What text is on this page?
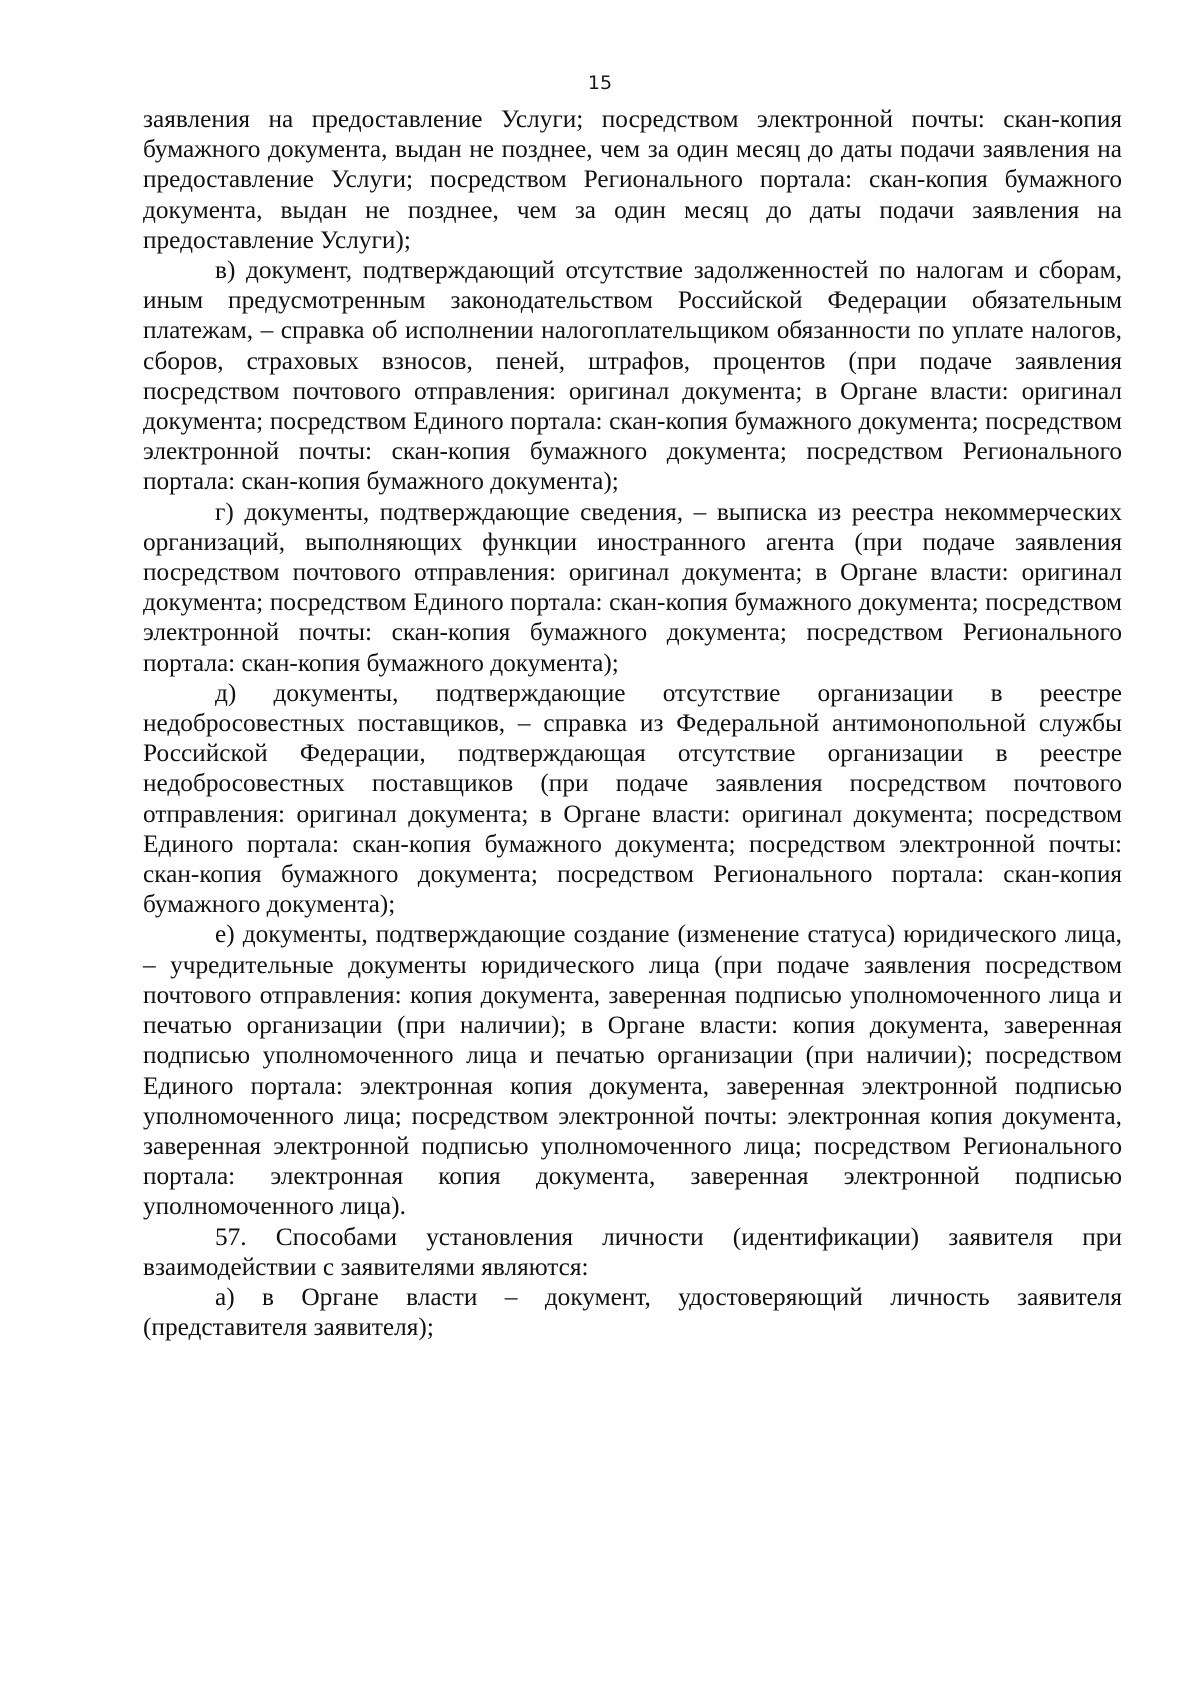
15

заявления на предоставление Услуги; посредством электронной почты: скан-копия бумажного документа, выдан не позднее, чем за один месяц до даты подачи заявления на предоставление Услуги; посредством Регионального портала: скан-копия бумажного документа, выдан не позднее, чем за один месяц до даты подачи заявления на предоставление Услуги);

в) документ, подтверждающий отсутствие задолженностей по налогам и сборам, иным предусмотренным законодательством Российской Федерации обязательным платежам, – справка об исполнении налогоплательщиком обязанности по уплате налогов, сборов, страховых взносов, пеней, штрафов, процентов (при подаче заявления посредством почтового отправления: оригинал документа; в Органе власти: оригинал документа; посредством Единого портала: скан-копия бумажного документа; посредством электронной почты: скан-копия бумажного документа; посредством Регионального портала: скан-копия бумажного документа);

г) документы, подтверждающие сведения, – выписка из реестра некоммерческих организаций, выполняющих функции иностранного агента (при подаче заявления посредством почтового отправления: оригинал документа; в Органе власти: оригинал документа; посредством Единого портала: скан-копия бумажного документа; посредством электронной почты: скан-копия бумажного документа; посредством Регионального портала: скан-копия бумажного документа);

д) документы, подтверждающие отсутствие организации в реестре недобросовестных поставщиков, – справка из Федеральной антимонопольной службы Российской Федерации, подтверждающая отсутствие организации в реестре недобросовестных поставщиков (при подаче заявления посредством почтового отправления: оригинал документа; в Органе власти: оригинал документа; посредством Единого портала: скан-копия бумажного документа; посредством электронной почты: скан-копия бумажного документа; посредством Регионального портала: скан-копия бумажного документа);

е) документы, подтверждающие создание (изменение статуса) юридического лица, – учредительные документы юридического лица (при подаче заявления посредством почтового отправления: копия документа, заверенная подписью уполномоченного лица и печатью организации (при наличии); в Органе власти: копия документа, заверенная подписью уполномоченного лица и печатью организации (при наличии); посредством Единого портала: электронная копия документа, заверенная электронной подписью уполномоченного лица; посредством электронной почты: электронная копия документа, заверенная электронной подписью уполномоченного лица; посредством Регионального портала: электронная копия документа, заверенная электронной подписью уполномоченного лица).

57. Способами установления личности (идентификации) заявителя при взаимодействии с заявителями являются:

а) в Органе власти – документ, удостоверяющий личность заявителя (представителя заявителя);
